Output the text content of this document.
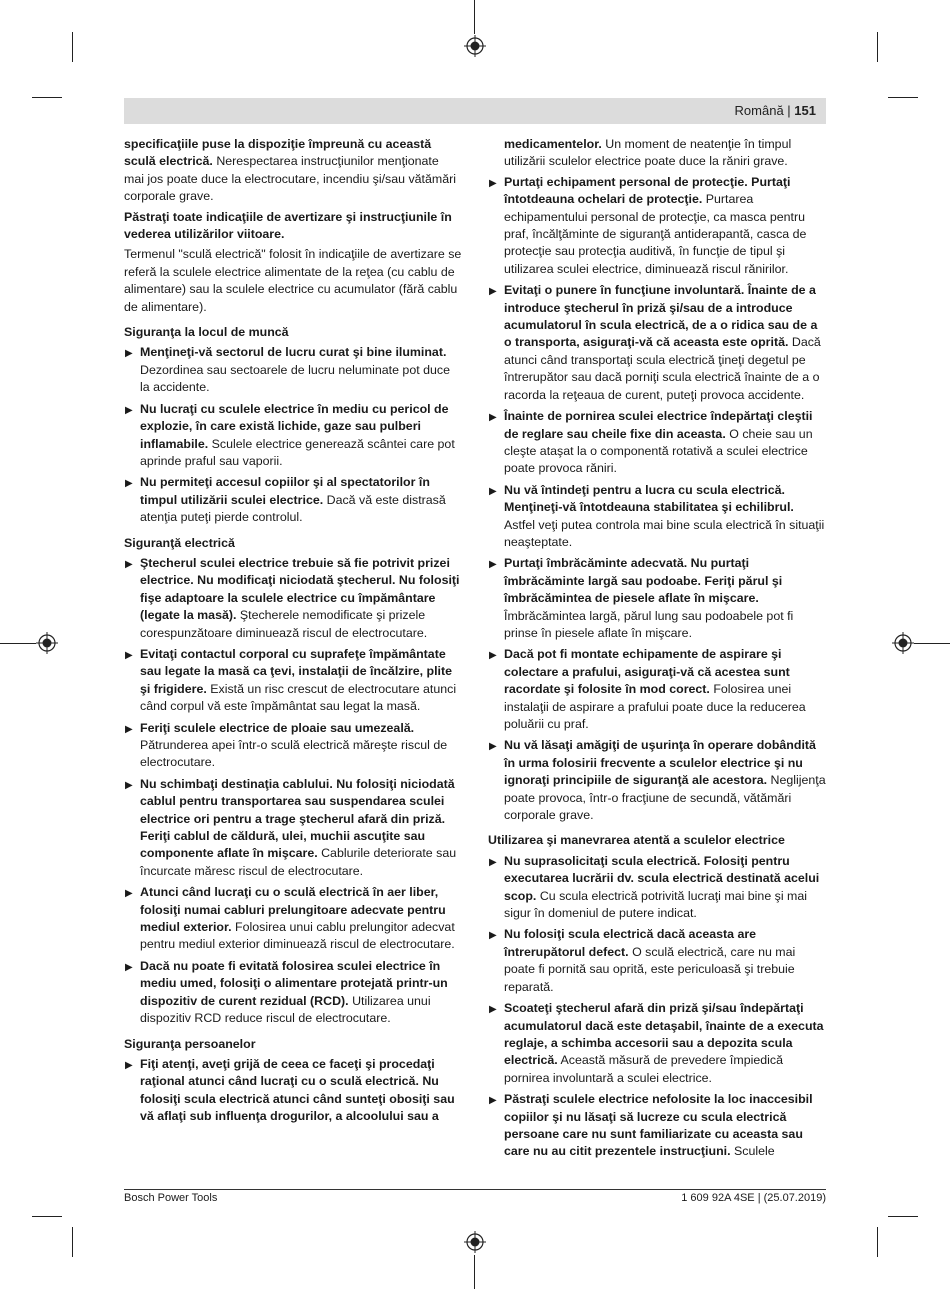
Română | 151

specificaţiile puse la dispoziţie împreună cu această sculă electrică. Nerespectarea instrucţiunilor menţionate mai jos poate duce la electrocutare, incendiu şi/sau vătămări corporale grave.

Păstraţi toate indicaţiile de avertizare şi instrucţiunile în vederea utilizărilor viitoare.

Termenul "sculă electrică" folosit în indicaţiile de avertizare se referă la sculele electrice alimentate de la reţea (cu cablu de alimentare) sau la sculele electrice cu acumulator (fără cablu de alimentare).

Siguranţa la locul de muncă

▶ Menţineţi-vă sectorul de lucru curat şi bine iluminat. Dezordinea sau sectoarele de lucru neluminate pot duce la accidente.
▶ Nu lucraţi cu sculele electrice în mediu cu pericol de explozie, în care există lichide, gaze sau pulberi inflamabile. Sculele electrice generează scântei care pot aprinde praful sau vaporii.
▶ Nu permiteţi accesul copiilor şi al spectatorilor în timpul utilizării sculei electrice. Dacă vă este distrasă atenţia puteţi pierde controlul.

Siguranţă electrică

▶ Ştecherul sculei electrice trebuie să fie potrivit prizei electrice. Nu modificaţi niciodată ştecherul. Nu folosiţi fişe adaptoare la sculele electrice cu împământare (legate la masă). Ştecherele nemodificate şi prizele corespunzătoare diminuează riscul de electrocutare.
▶ Evitaţi contactul corporal cu suprafeţe împământate sau legate la masă ca ţevi, instalaţii de încălzire, plite şi frigidere. Există un risc crescut de electrocutare atunci când corpul vă este împământat sau legat la masă.
▶ Feriţi sculele electrice de ploaie sau umezeală. Pătrunderea apei într-o sculă electrică măreşte riscul de electrocutare.
▶ Nu schimbaţi destinaţia cablului. Nu folosiţi niciodată cablul pentru transportarea sau suspendarea sculei electrice ori pentru a trage ştecherul afară din priză. Feriţi cablul de căldură, ulei, muchii ascuţite sau componente aflate în mişcare. Cablurile deteriorate sau încurcate măresc riscul de electrocutare.
▶ Atunci când lucraţi cu o sculă electrică în aer liber, folosiţi numai cabluri prelungitoare adecvate pentru mediul exterior. Folosirea unui cablu prelungitor adecvat pentru mediul exterior diminuează riscul de electrocutare.
▶ Dacă nu poate fi evitată folosirea sculei electrice în mediu umed, folosiţi o alimentare protejată printr-un dispozitiv de curent rezidual (RCD). Utilizarea unui dispozitiv RCD reduce riscul de electrocutare.

Siguranţa persoanelor

▶ Fiţi atenţi, aveţi grijă de ceea ce faceţi şi procedaţi raţional atunci când lucraţi cu o sculă electrică. Nu folosiţi scula electrică atunci când sunteţi obosiţi sau vă aflaţi sub influenţa drogurilor, a alcoolului sau a

medicamentelor. Un moment de neatenţie în timpul utilizării sculelor electrice poate duce la răniri grave.

▶ Purtaţi echipament personal de protecţie. Purtaţi întotdeauna ochelari de protecţie. Purtarea echipamentului personal de protecţie, ca masca pentru praf, încălţăminte de siguranţă antiderapantă, casca de protecţie sau protecţia auditivă, în funcţie de tipul şi utilizarea sculei electrice, diminuează riscul rănirilor.
▶ Evitaţi o punere în funcţiune involuntară. Înainte de a introduce ştecherul în priză şi/sau de a introduce acumulatorul în scula electrică, de a o ridica sau de a o transporta, asiguraţi-vă că aceasta este oprită. Dacă atunci când transportaţi scula electrică ţineţi degetul pe întrerupător sau dacă porniţi scula electrică înainte de a o racorda la reţeaua de curent, puteţi provoca accidente.
▶ Înainte de pornirea sculei electrice îndepărtaţi cleştii de reglare sau cheile fixe din aceasta. O cheie sau un cleşte ataşat la o componentă rotativă a sculei electrice poate provoca răniri.
▶ Nu vă întindeţi pentru a lucra cu scula electrică. Menţineţi-vă întotdeauna stabilitatea şi echilibrul. Astfel veţi putea controla mai bine scula electrică în situaţii neaşteptate.
▶ Purtaţi îmbrăcăminte adecvată. Nu purtaţi îmbrăcăminte largă sau podoabe. Feriţi părul şi îmbrăcămintea de piesele aflate în mişcare. Îmbrăcămintea largă, părul lung sau podoabele pot fi prinse în piesele aflate în mişcare.
▶ Dacă pot fi montate echipamente de aspirare şi colectare a prafului, asiguraţi-vă că acestea sunt racordate şi folosite în mod corect. Folosirea unei instalaţii de aspirare a prafului poate duce la reducerea poluării cu praf.
▶ Nu vă lăsaţi amăgiţi de uşurinţa în operare dobândită în urma folosirii frecvente a sculelor electrice şi nu ignoraţi principiile de siguranţă ale acestora. Neglijenţa poate provoca, într-o fracţiune de secundă, vătămări corporale grave.

Utilizarea şi manevrarea atentă a sculelor electrice

▶ Nu suprasolicitaţi scula electrică. Folosiţi pentru executarea lucrării dv. scula electrică destinată acelui scop. Cu scula electrică potrivită lucraţi mai bine şi mai sigur în domeniul de putere indicat.
▶ Nu folosiţi scula electrică dacă aceasta are întrerupătorul defect. O sculă electrică, care nu mai poate fi pornită sau oprită, este periculoasă şi trebuie reparată.
▶ Scoateţi ştecherul afară din priză şi/sau îndepărtaţi acumulatorul dacă este detaşabil, înainte de a executa reglaje, a schimba accesorii sau a depozita scula electrică. Această măsură de prevedere împiedică pornirea involuntară a sculei electrice.
▶ Păstraţi sculele electrice nefolosite la loc inaccesibil copiilor şi nu lăsaţi să lucreze cu scula electrică persoane care nu sunt familiarizate cu aceasta sau care nu au citit prezentele instrucţiuni. Sculele
Bosch Power Tools	1 609 92A 4SE | (25.07.2019)
